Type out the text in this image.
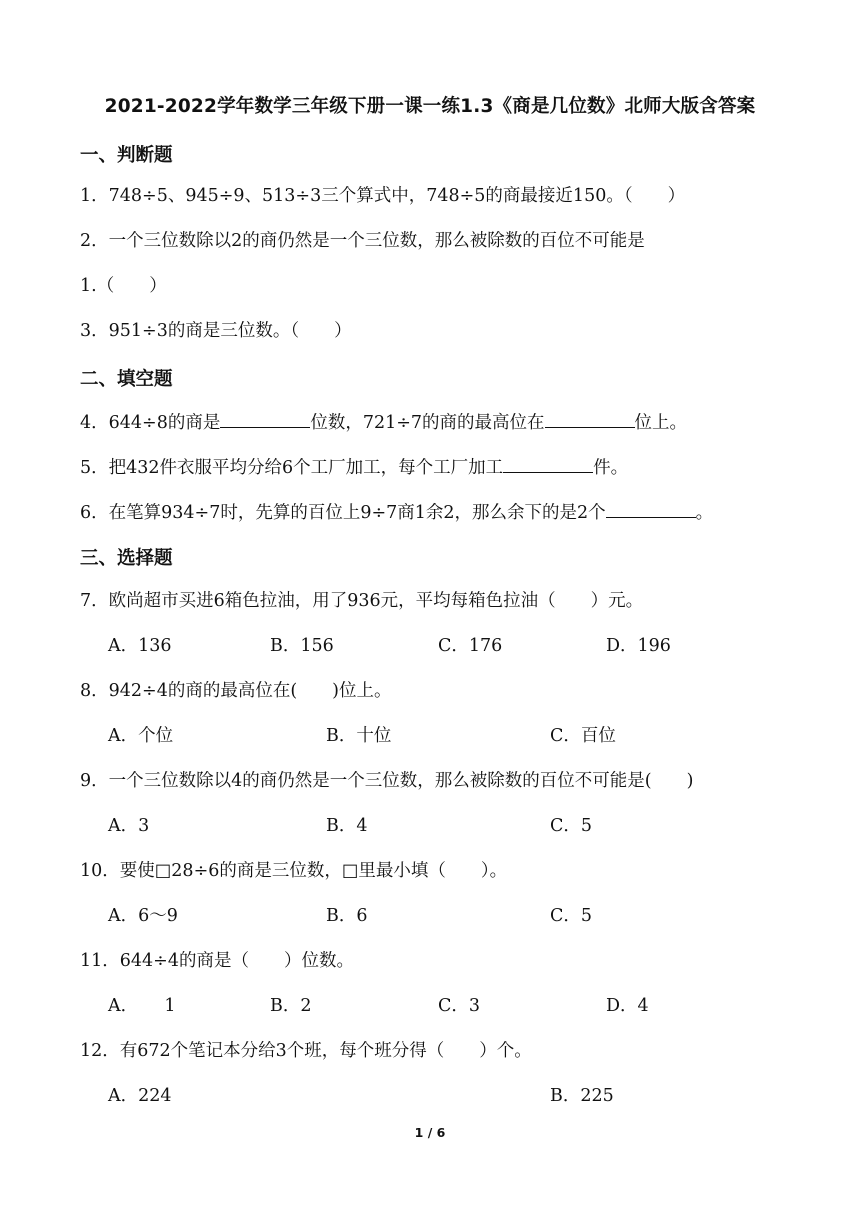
2021-2022学年数学三年级下册一课一练1.3《商是几位数》北师大版含答案
一、判断题
1．748÷5、945÷9、513÷3三个算式中，748÷5的商最接近150。（　　）
2．一个三位数除以2的商仍然是一个三位数，那么被除数的百位不可能是
1.（　　）
3．951÷3的商是三位数。（　　）
二、填空题
4．644÷8的商是	位数，721÷7的商的最高位在	位上。
5．把432件衣服平均分给6个工厂加工，每个工厂加工	件。
6．在笔算934÷7时，先算的百位上9÷7商1余2，那么余下的是2个	。
三、选择题
7．欧尚超市买进6箱色拉油，用了936元，平均每箱色拉油（　　）元。
A．136	B．156	C．176	D．196
8．942÷4的商的最高位在(　　)位上。
A．个位	B．十位	C．百位
9．一个三位数除以4的商仍然是一个三位数，那么被除数的百位不可能是(　　)
A．3	B．4	C．5
10．要使□28÷6的商是三位数，□里最小填（　　）。
A．6～9	B．6	C．5
11．644÷4的商是（　　）位数。
A．　　1	B．2	C．3	D．4
12．有672个笔记本分给3个班，每个班分得（　　）个。
A．224	B．225
1 / 6
